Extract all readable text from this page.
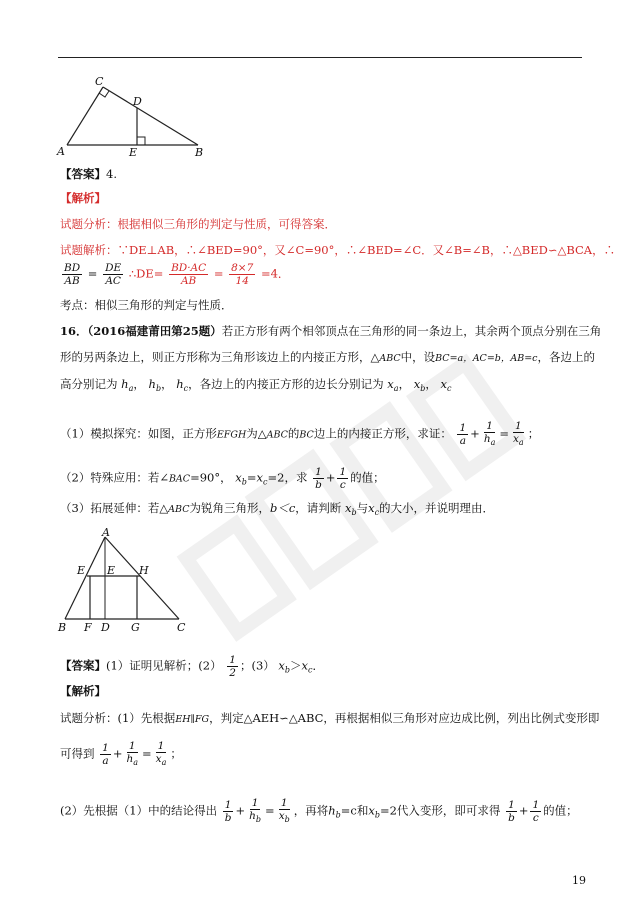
C
D
A	E	B
【答案】4.
【解析】
试题分析：根据相似三角形的判定与性质，可得答案．
试题解析：∵DE⊥AB，∴∠BED=90°，又∠C=90°，∴∠BED=∠C．又∠B=∠B，∴△BED∽△BCA，∴
$\frac{BD}{AB} = \frac{DE}{AC}$ ∴DE= $\frac{BD\cdot AC}{AB} = \frac{8\times 7}{14} =4$．
考点：相似三角形的判定与性质．
16．（2016福建莆田第25题）若正方形有两个相邻顶点在三角形的同一条边上，其余两个顶点分别在三角
形的另两条边上，则正方形称为三角形该边上的内接正方形，△ABC中，设BC=a，AC=b，AB=c，各边上的
高分别记为 $h_a$， $h_b$， $h_c$，各边上的内接正方形的边长分别记为 $x_a$， $x_b$， $x_c$
（1）模拟探究：如图，正方形EFGH为△ABC的BC边上的内接正方形，求证： $\frac{1}{a} + \frac{1}{h_a} = \frac{1}{x_a}$ ；
（2）特殊应用：若∠BAC=90°， $x_b=x_c=2$，求 $\frac{1}{b} + \frac{1}{c}$ 的值；
（3）拓展延伸：若△ABC为锐角三角形，b＜c，请判断 $x_b$与$x_c$的大小，并说明理由．
A
E E H
B F D G	C
【答案】(1）证明见解析；$(2) \frac{1}{2}$ ；(3） $x_b>x_c$．
【解析】
试题分析：(1）先根据EH∥FG，判定△AEH∽△ABC，再根据相似三角形对应边成比例，列出比例式变形即
可得到 $\frac{1}{a} + \frac{1}{h_a} = \frac{1}{x_a}$ ；
(2）先根据（1）中的结论得出 $\frac{1}{b} + \frac{1}{h_b} = \frac{1}{x_b}$ ，再将$h_b=c$和$x_b=2$代入变形，即可求得 $\frac{1}{b} + \frac{1}{c}$ 的值；
19
